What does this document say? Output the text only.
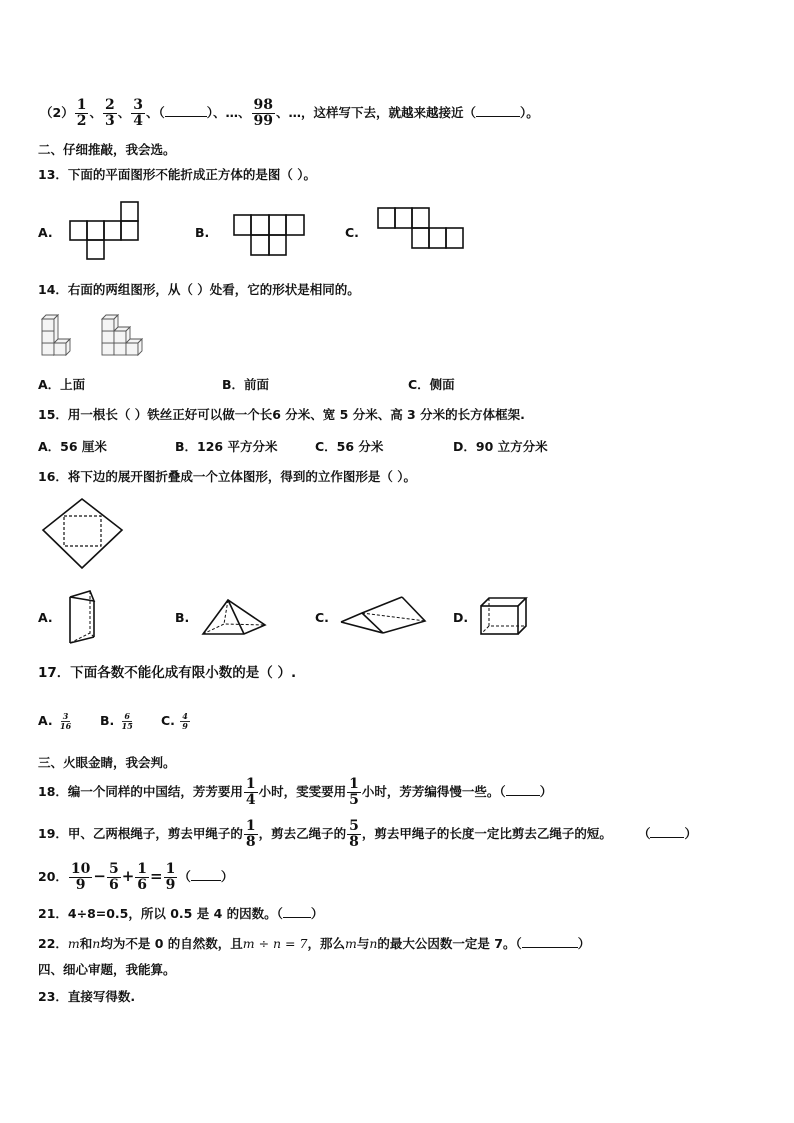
$(2) \frac{1}{2}$ 、 $\frac{2}{3}$ 、 $\frac{3}{4}$ 、（	）、…、 $\frac{98}{99}$ 、…，这样写下去，就越来越接近（	）。
二、仔细推敲，我会选。
13．下面的平面图形不能折成正方体的是图（ ）。
A.	B.	C.
14．右面的两组图形，从（ ）处看，它的形状是相同的。
A．上面	B．前面	C．侧面
15．用一根长（ ）铁丝正好可以做一个长6 分米、宽 5 分米、高 3 分米的长方体框架.
A．56 厘米	B．126 平方分米	C．56 分米	D．90 立方分米
16．将下边的展开图折叠成一个立体图形，得到的立作图形是（ ）。
A.	B.	C.	D.
17．下面各数不能化成有限小数的是（ ）.
A. $\frac{3}{16} B$. $\frac{6}{15} C$. $\frac{4}{9}$
三、火眼金睛，我会判。
18．编一个同样的中国结，芳芳要用 $\frac{1}{4}$ 小时，雯雯要用 $\frac{1}{5}$ 小时，芳芳编得慢一些。（	）
19．甲、乙两根绳子，剪去甲绳子的 $\frac{1}{8}$ ，剪去乙绳子的 $\frac{5}{8}$ ，剪去甲绳子的长度一定比剪去乙绳子的短。 （	）
20． $\frac{10}{9} - \frac{5}{6} + \frac{1}{6} = \frac{1}{9}$ （ ）
21．4÷8=0.5，所以 0.5 是 4 的因数。（ ）
22．m和n均为不是 0 的自然数，且m ÷ n = 7，那么m与n的最大公因数一定是 7。（	）
四、细心审题，我能算。
23．直接写得数.
